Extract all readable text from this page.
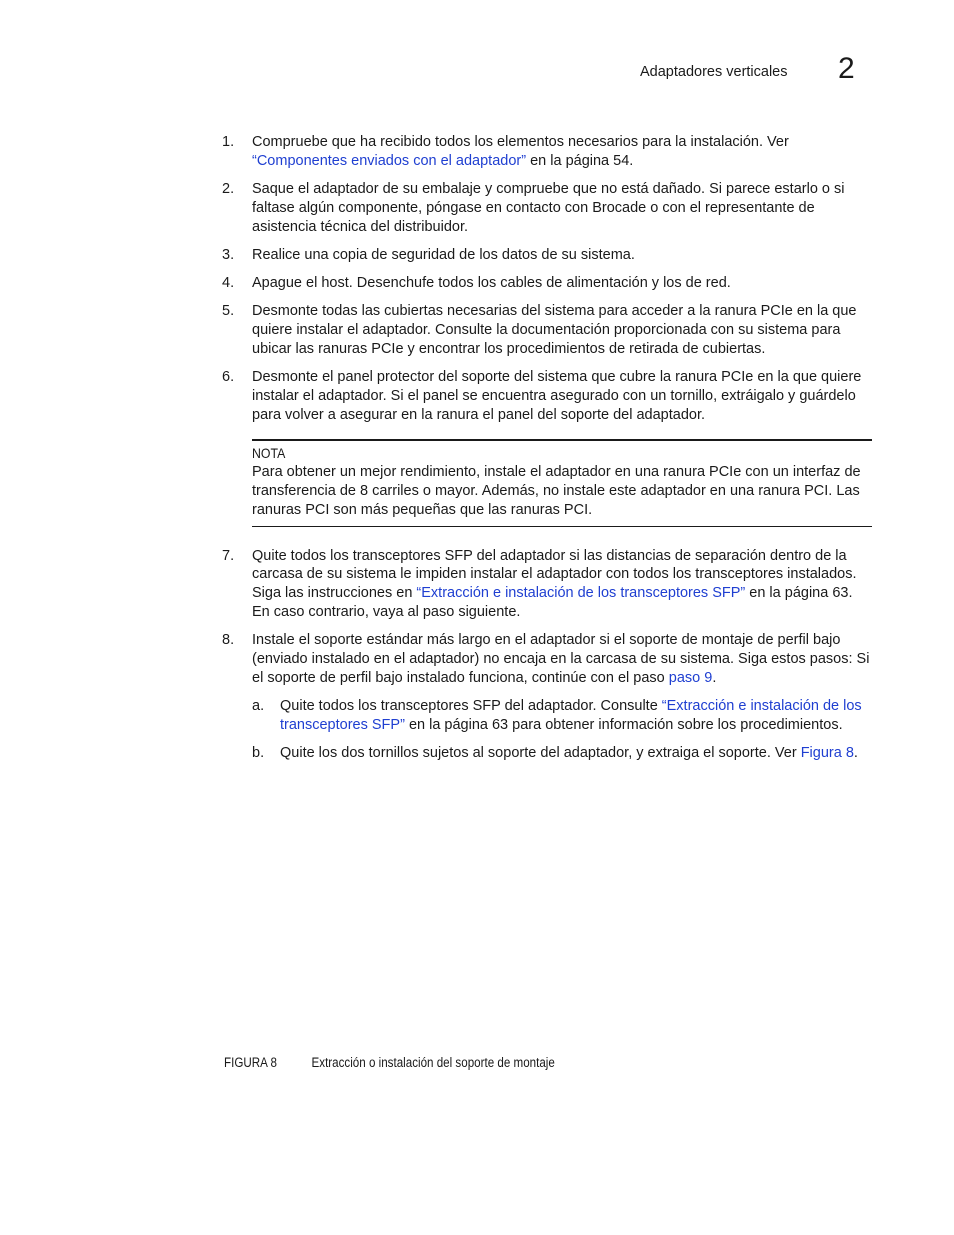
Adaptadores verticales 2
1. Compruebe que ha recibido todos los elementos necesarios para la instalación. Ver “Componentes enviados con el adaptador” en la página 54.
2. Saque el adaptador de su embalaje y compruebe que no está dañado. Si parece estarlo o si faltase algún componente, póngase en contacto con Brocade o con el representante de asistencia técnica del distribuidor.
3. Realice una copia de seguridad de los datos de su sistema.
4. Apague el host. Desenchufe todos los cables de alimentación y los de red.
5. Desmonte todas las cubiertas necesarias del sistema para acceder a la ranura PCIe en la que quiere instalar el adaptador. Consulte la documentación proporcionada con su sistema para ubicar las ranuras PCIe y encontrar los procedimientos de retirada de cubiertas.
6. Desmonte el panel protector del soporte del sistema que cubre la ranura PCIe en la que quiere instalar el adaptador. Si el panel se encuentra asegurado con un tornillo, extráigalo y guárdelo para volver a asegurar en la ranura el panel del soporte del adaptador.
NOTA
Para obtener un mejor rendimiento, instale el adaptador en una ranura PCIe con un interfaz de transferencia de 8 carriles o mayor. Además, no instale este adaptador en una ranura PCI. Las ranuras PCI son más pequeñas que las ranuras PCI.
7. Quite todos los transceptores SFP del adaptador si las distancias de separación dentro de la carcasa de su sistema le impiden instalar el adaptador con todos los transceptores instalados. Siga las instrucciones en “Extracción e instalación de los transceptores SFP” en la página 63. En caso contrario, vaya al paso siguiente.
8. Instale el soporte estándar más largo en el adaptador si el soporte de montaje de perfil bajo (enviado instalado en el adaptador) no encaja en la carcasa de su sistema. Siga estos pasos: Si el soporte de perfil bajo instalado funciona, continúe con el paso paso 9.
a. Quite todos los transceptores SFP del adaptador. Consulte “Extracción e instalación de los transceptores SFP” en la página 63 para obtener información sobre los procedimientos.
b. Quite los dos tornillos sujetos al soporte del adaptador, y extraiga el soporte. Ver Figura 8.
FIGURA 8	Extracción o instalación del soporte de montaje
